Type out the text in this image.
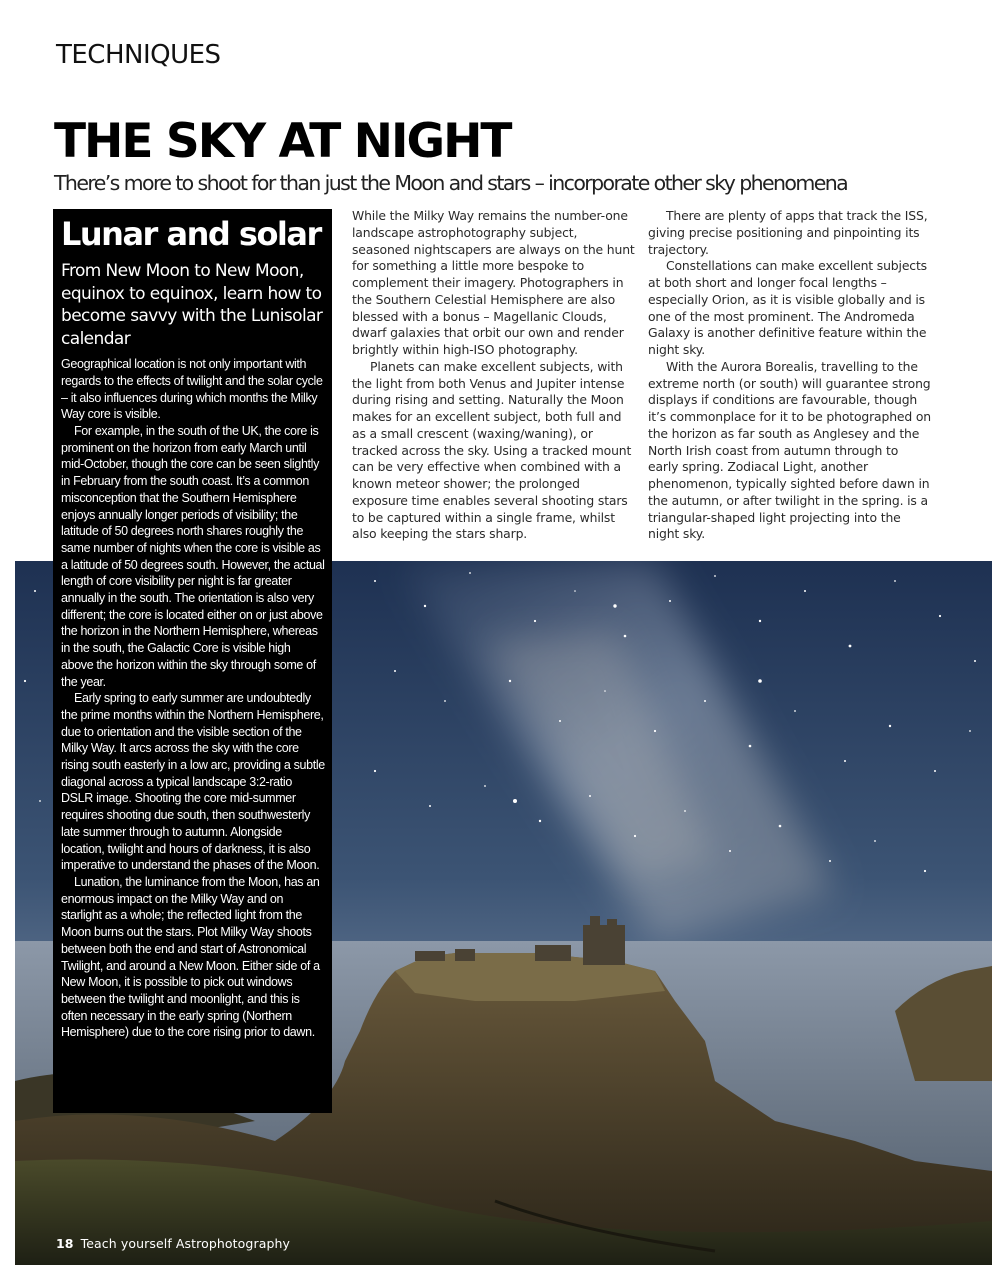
TECHNIQUES
THE SKY AT NIGHT
There’s more to shoot for than just the Moon and stars – incorporate other sky phenomena
Lunar and solar
From New Moon to New Moon, equinox to equinox, learn how to become savvy with the Lunisolar calendar

Geographical location is not only important with regards to the effects of twilight and the solar cycle – it also influences during which months the Milky Way core is visible.

For example, in the south of the UK, the core is prominent on the horizon from early March until mid-October, though the core can be seen slightly in February from the south coast. It’s a common misconception that the Southern Hemisphere enjoys annually longer periods of visibility; the latitude of 50 degrees north shares roughly the same number of nights when the core is visible as a latitude of 50 degrees south. However, the actual length of core visibility per night is far greater annually in the south. The orientation is also very different; the core is located either on or just above the horizon in the Northern Hemisphere, whereas in the south, the Galactic Core is visible high above the horizon within the sky through some of the year.

Early spring to early summer are undoubtedly the prime months within the Northern Hemisphere, due to orientation and the visible section of the Milky Way. It arcs across the sky with the core rising south easterly in a low arc, providing a subtle diagonal across a typical landscape 3:2-ratio DSLR image. Shooting the core mid-summer requires shooting due south, then southwesterly late summer through to autumn. Alongside location, twilight and hours of darkness, it is also imperative to understand the phases of the Moon.

Lunation, the luminance from the Moon, has an enormous impact on the Milky Way and on starlight as a whole; the reflected light from the Moon burns out the stars. Plot Milky Way shoots between both the end and start of Astronomical Twilight, and around a New Moon. Either side of a New Moon, it is possible to pick out windows between the twilight and moonlight, and this is often necessary in the early spring (Northern Hemisphere) due to the core rising prior to dawn.

While the Milky Way remains the number-one landscape astrophotography subject, seasoned nightscapers are always on the hunt for something a little more bespoke to complement their imagery. Photographers in the Southern Celestial Hemisphere are also blessed with a bonus – Magellanic Clouds, dwarf galaxies that orbit our own and render brightly within high-ISO photography.

Planets can make excellent subjects, with the light from both Venus and Jupiter intense during rising and setting. Naturally the Moon makes for an excellent subject, both full and as a small crescent (waxing/waning), or tracked across the sky. Using a tracked mount can be very effective when combined with a known meteor shower; the prolonged exposure time enables several shooting stars to be captured within a single frame, whilst also keeping the stars sharp.

There are plenty of apps that track the ISS, giving precise positioning and pinpointing its trajectory.

Constellations can make excellent subjects at both short and longer focal lengths – especially Orion, as it is visible globally and is one of the most prominent. The Andromeda Galaxy is another definitive feature within the night sky.

With the Aurora Borealis, travelling to the extreme north (or south) will guarantee strong displays if conditions are favourable, though it’s commonplace for it to be photographed on the horizon as far south as Anglesey and the North Irish coast from autumn through to early spring. Zodiacal Light, another phenomenon, typically sighted before dawn in the autumn, or after twilight in the spring. is a triangular-shaped light projecting into the night sky.

18 Teach yourself Astrophotography
